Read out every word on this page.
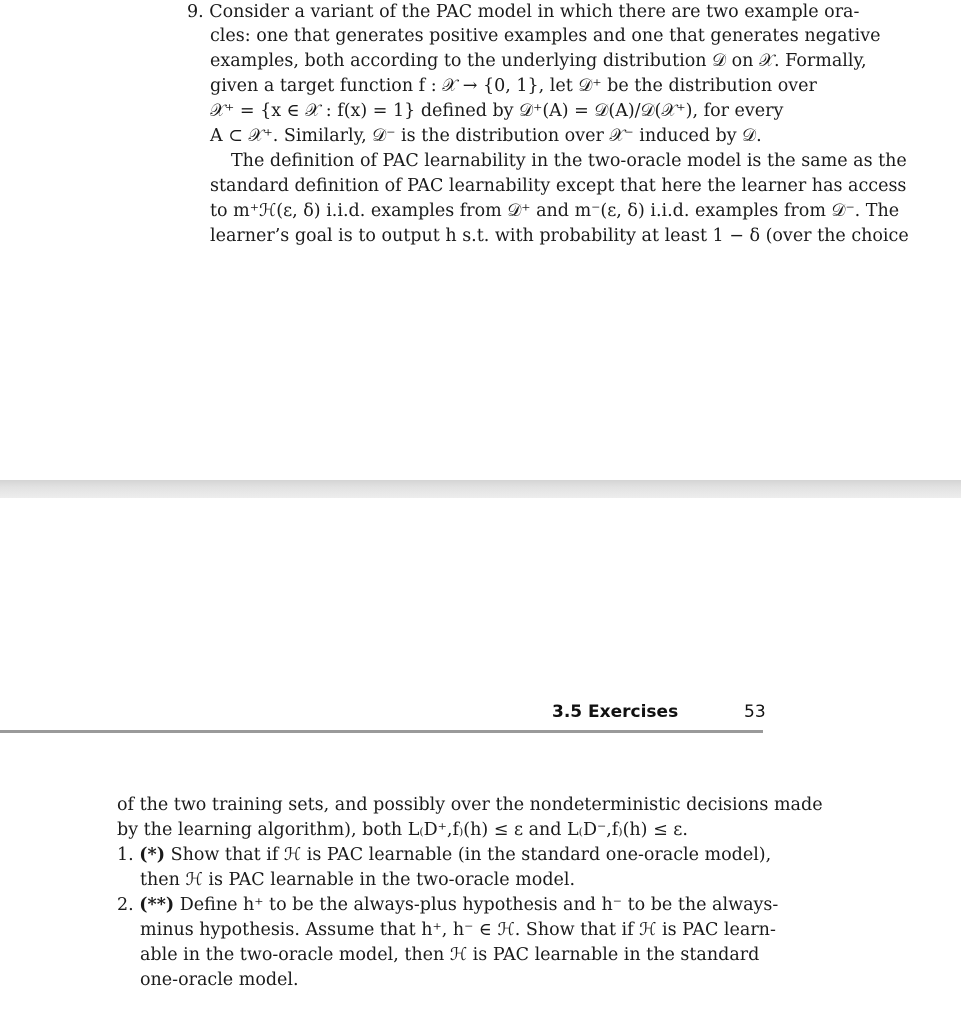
9. Consider a variant of the PAC model in which there are two example ora-
cles: one that generates positive examples and one that generates negative
examples, both according to the underlying distribution 𝒟 on 𝒳. Formally,
given a target function f : 𝒳 → {0, 1}, let 𝒟⁺ be the distribution over
𝒳⁺ = {x ∈ 𝒳 : f(x) = 1} defined by 𝒟⁺(A) = 𝒟(A)/𝒟(𝒳⁺), for every
A ⊂ 𝒳⁺. Similarly, 𝒟⁻ is the distribution over 𝒳⁻ induced by 𝒟.
The definition of PAC learnability in the two-oracle model is the same as the
standard definition of PAC learnability except that here the learner has access
to m⁺ℋ(ε, δ) i.i.d. examples from 𝒟⁺ and m⁻(ε, δ) i.i.d. examples from 𝒟⁻. The
learner’s goal is to output h s.t. with probability at least 1 − δ (over the choice
3.5 Exercises	53
of the two training sets, and possibly over the nondeterministic decisions made
by the learning algorithm), both L₍D⁺,f₎(h) ≤ ε and L₍D⁻,f₎(h) ≤ ε.
1. (*) Show that if ℋ is PAC learnable (in the standard one-oracle model),
then ℋ is PAC learnable in the two-oracle model.
2. (**) Define h⁺ to be the always-plus hypothesis and h⁻ to be the always-
minus hypothesis. Assume that h⁺, h⁻ ∈ ℋ. Show that if ℋ is PAC learn-
able in the two-oracle model, then ℋ is PAC learnable in the standard
one-oracle model.
